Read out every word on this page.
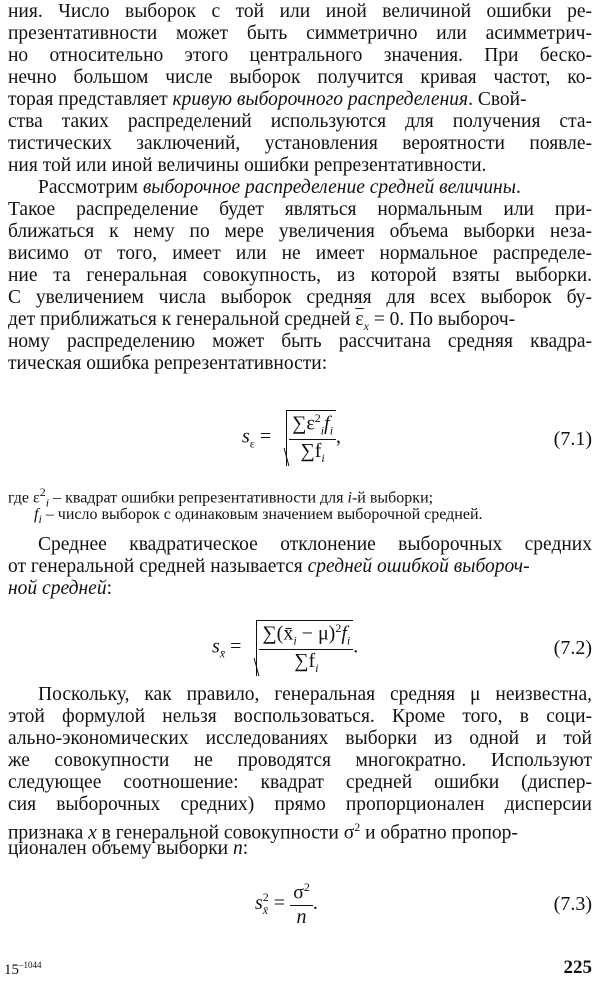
ния. Число выборок с той или иной величиной ошибки ре-
презентативности может быть симметрично или асимметрич-
но относительно этого центрального значения. При беско-
нечно большом числе выборок получится кривая частот, ко-
торая представляет кривую выборочного распределения. Свой-
ства таких распределений используются для получения ста-
тистических заключений, установления вероятности появле-
ния той или иной величины ошибки репрезентативности.
Рассмотрим выборочное распределение средней величины.
Такое распределение будет являться нормальным или при-
ближаться к нему по мере увеличения объема выборки неза-
висимо от того, имеет или не имеет нормальное распределе-
ние та генеральная совокупность, из которой взяты выборки.
С увеличением числа выборок средняя для всех выборок бу-
дет приближаться к генеральной средней $\overline{\varepsilon}_x = 0$. По выбороч-
ному распределению может быть рассчитана средняя квадра-
тическая ошибка репрезентативности:
$s_\varepsilon = \frac{\sum\varepsilon^2_if_i}{\sum f_i}$ ,	(7.1)
где $\varepsilon^2_i$ – квадрат ошибки репрезентативности для i-й выборки;
$f_i$ – число выборок с одинаковым значением выборочной средней.
Среднее квадратическое отклонение выборочных средних
от генеральной средней называется средней ошибкой выбороч-
ной средней:
$s_{x̄} = \frac{\sum(x̄_i - \mu)^2f_i}{\sum f_i}$ .	(7.2)
Поскольку, как правило, генеральная средняя μ неизвестна,
этой формулой нельзя воспользоваться. Кроме того, в соци-
ально-экономических исследованиях выборки из одной и той
же совокупности не проводятся многократно. Используют
следующее соотношение: квадрат средней ошибки (диспер-
сия выборочных средних) прямо пропорционален дисперсии
признака x в генеральной совокупности $\sigma^2$ и обратно пропор-
ционален объему выборки n:
s 2
x̄ = $\frac{\sigma^2}{n}$ .	(7.3)
$15^{-1044}$	225
